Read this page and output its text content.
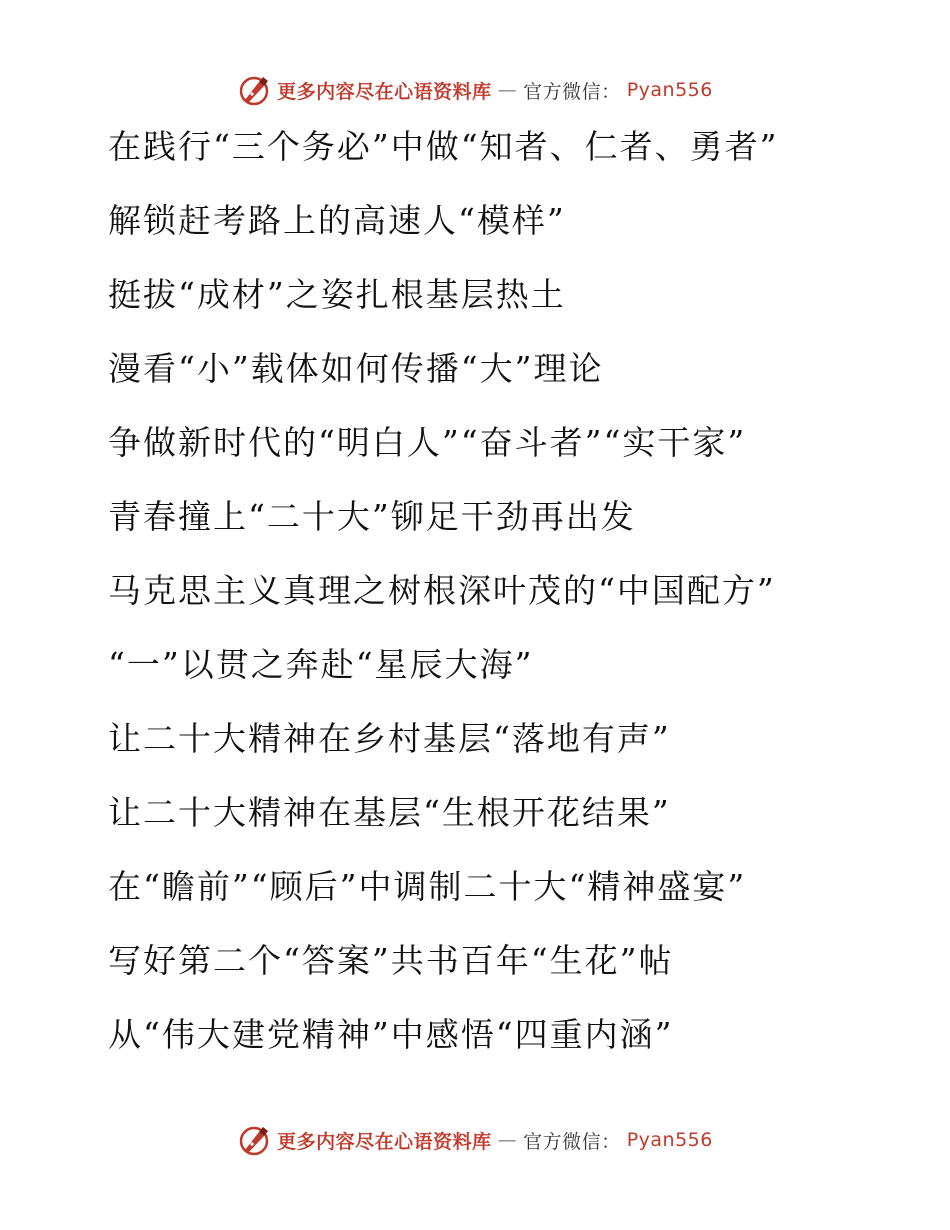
更多内容尽在心语资料库 — 官方微信： Pyan556
在践行“三个务必”中做“知者、仁者、勇者”
解锁赶考路上的高速人“模样”
挺拔“成材”之姿扎根基层热土
漫看“小”载体如何传播“大”理论
争做新时代的“明白人”“奋斗者”“实干家”
青春撞上“二十大”铆足干劲再出发
马克思主义真理之树根深叶茂的“中国配方”
“一”以贯之奔赴“星辰大海”
让二十大精神在乡村基层“落地有声”
让二十大精神在基层“生根开花结果”
在“瞻前”“顾后”中调制二十大“精神盛宴”
写好第二个“答案”共书百年“生花”帖
从“伟大建党精神”中感悟“四重内涵”
更多内容尽在心语资料库 — 官方微信： Pyan556
